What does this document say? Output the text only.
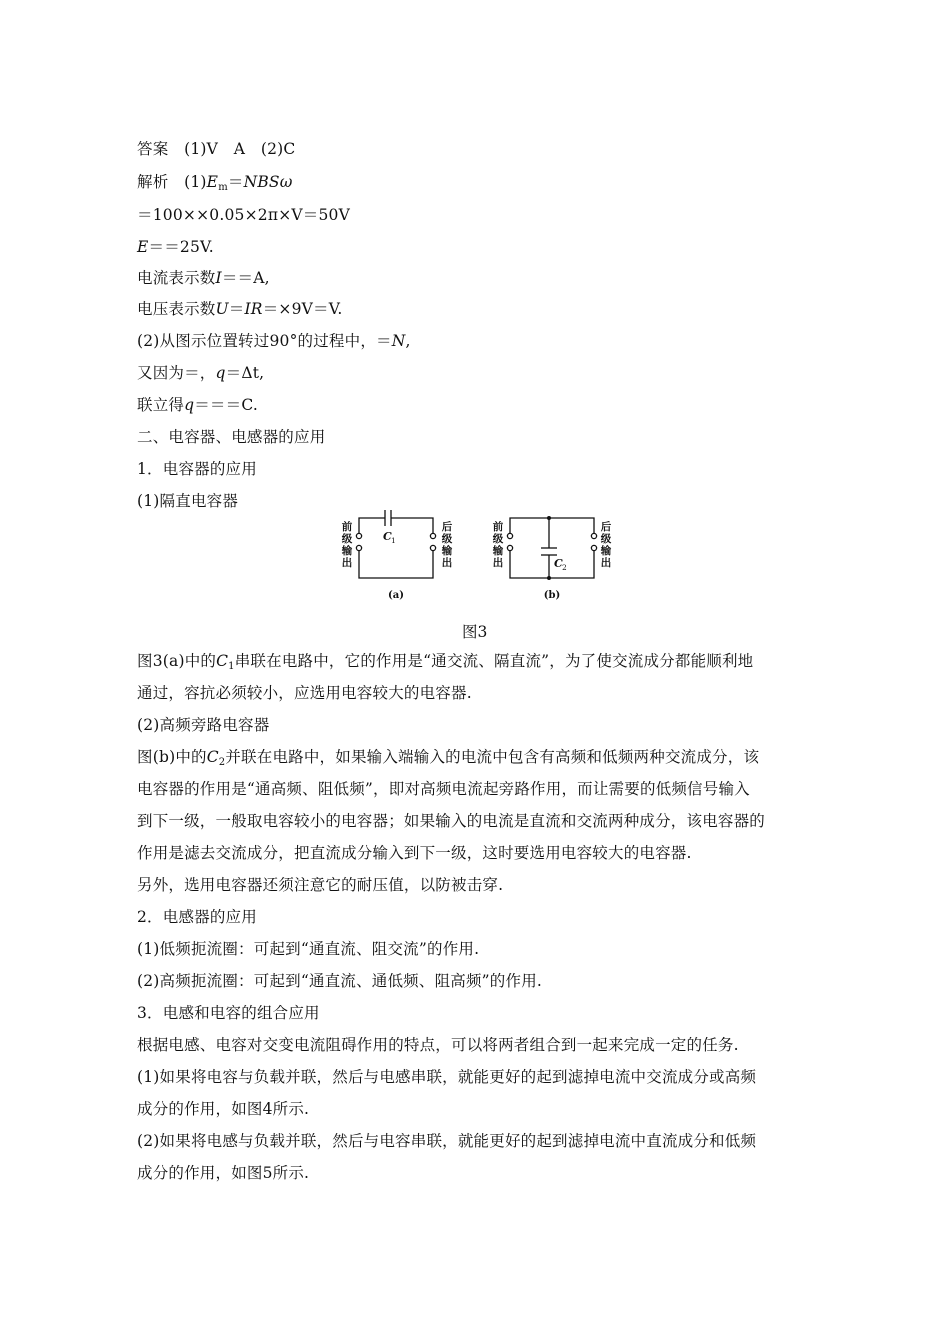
答案　 (1)V　A　(2)C
解析　 $(1)E_m=NBS\omega$
＝100××0.05×2π×V＝50V
E＝＝25V.
电流表示数I＝＝A,
电压表示数U＝IR＝×9V＝V.
(2)从图示位置转过90°的过程中，＝N,
又因为＝，q＝Δt,
联立得q＝＝＝C.
二、电容器、电感器的应用
1．电容器的应用
(1)隔直电容器
前
级
输
出
后
级
输
出
前
级
输
出
后
级
输
出
C
C
1
2
(a)	(b)
图3
图3(a)中的$C_1$串联在电路中，它的作用是“通交流、隔直流”，为了使交流成分都能顺利地
通过，容抗必须较小，应选用电容较大的电容器.
(2)高频旁路电容器
图(b)中的$C_2$并联在电路中，如果输入端输入的电流中包含有高频和低频两种交流成分，该
电容器的作用是“通高频、阻低频”，即对高频电流起旁路作用，而让需要的低频信号输入
到下一级，一般取电容较小的电容器；如果输入的电流是直流和交流两种成分，该电容器的
作用是滤去交流成分，把直流成分输入到下一级，这时要选用电容较大的电容器.
另外，选用电容器还须注意它的耐压值，以防被击穿.
2．电感器的应用
(1)低频扼流圈：可起到“通直流、阻交流”的作用.
(2)高频扼流圈：可起到“通直流、通低频、阻高频”的作用.
3．电感和电容的组合应用
根据电感、电容对交变电流阻碍作用的特点，可以将两者组合到一起来完成一定的任务.
(1)如果将电容与负载并联，然后与电感串联，就能更好的起到滤掉电流中交流成分或高频
成分的作用，如图4所示.
(2)如果将电感与负载并联，然后与电容串联，就能更好的起到滤掉电流中直流成分和低频
成分的作用，如图5所示.
